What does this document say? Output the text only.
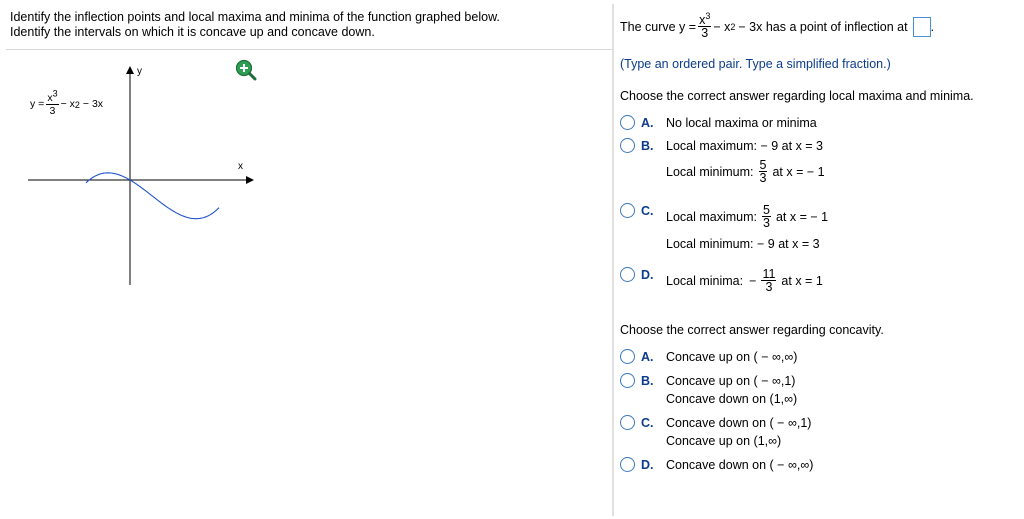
Identify the inflection points and local maxima and minima of the function graphed below.
Identify the intervals on which it is concave up and concave down.
y
x
$y = \frac{x^3}{3} - x$ 2 − 3x
The curve $y = \frac{x^3}{3} - x$ 2 − 3x has a point of inflection at .
(Type an ordered pair. Type a simplified fraction.)
Choose the correct answer regarding local maxima and minima.
A.	No local maxima or minima
B.	Local maximum: − 9 at x = 3
Local minimum: $\frac{5}{3}$ at x = − 1
C.	Local maximum: $\frac{5}{3}$ at x = − 1
Local minimum: − 9 at x = 3
D.	Local minima: − $\frac{11}{3}$ at x = 1
Choose the correct answer regarding concavity.
A.	Concave up on ( − ∞,∞)
B.	Concave up on ( − ∞,1)
Concave down on (1,∞)
C.	Concave down on ( − ∞,1)
Concave up on (1,∞)
D.	Concave down on ( − ∞,∞)
